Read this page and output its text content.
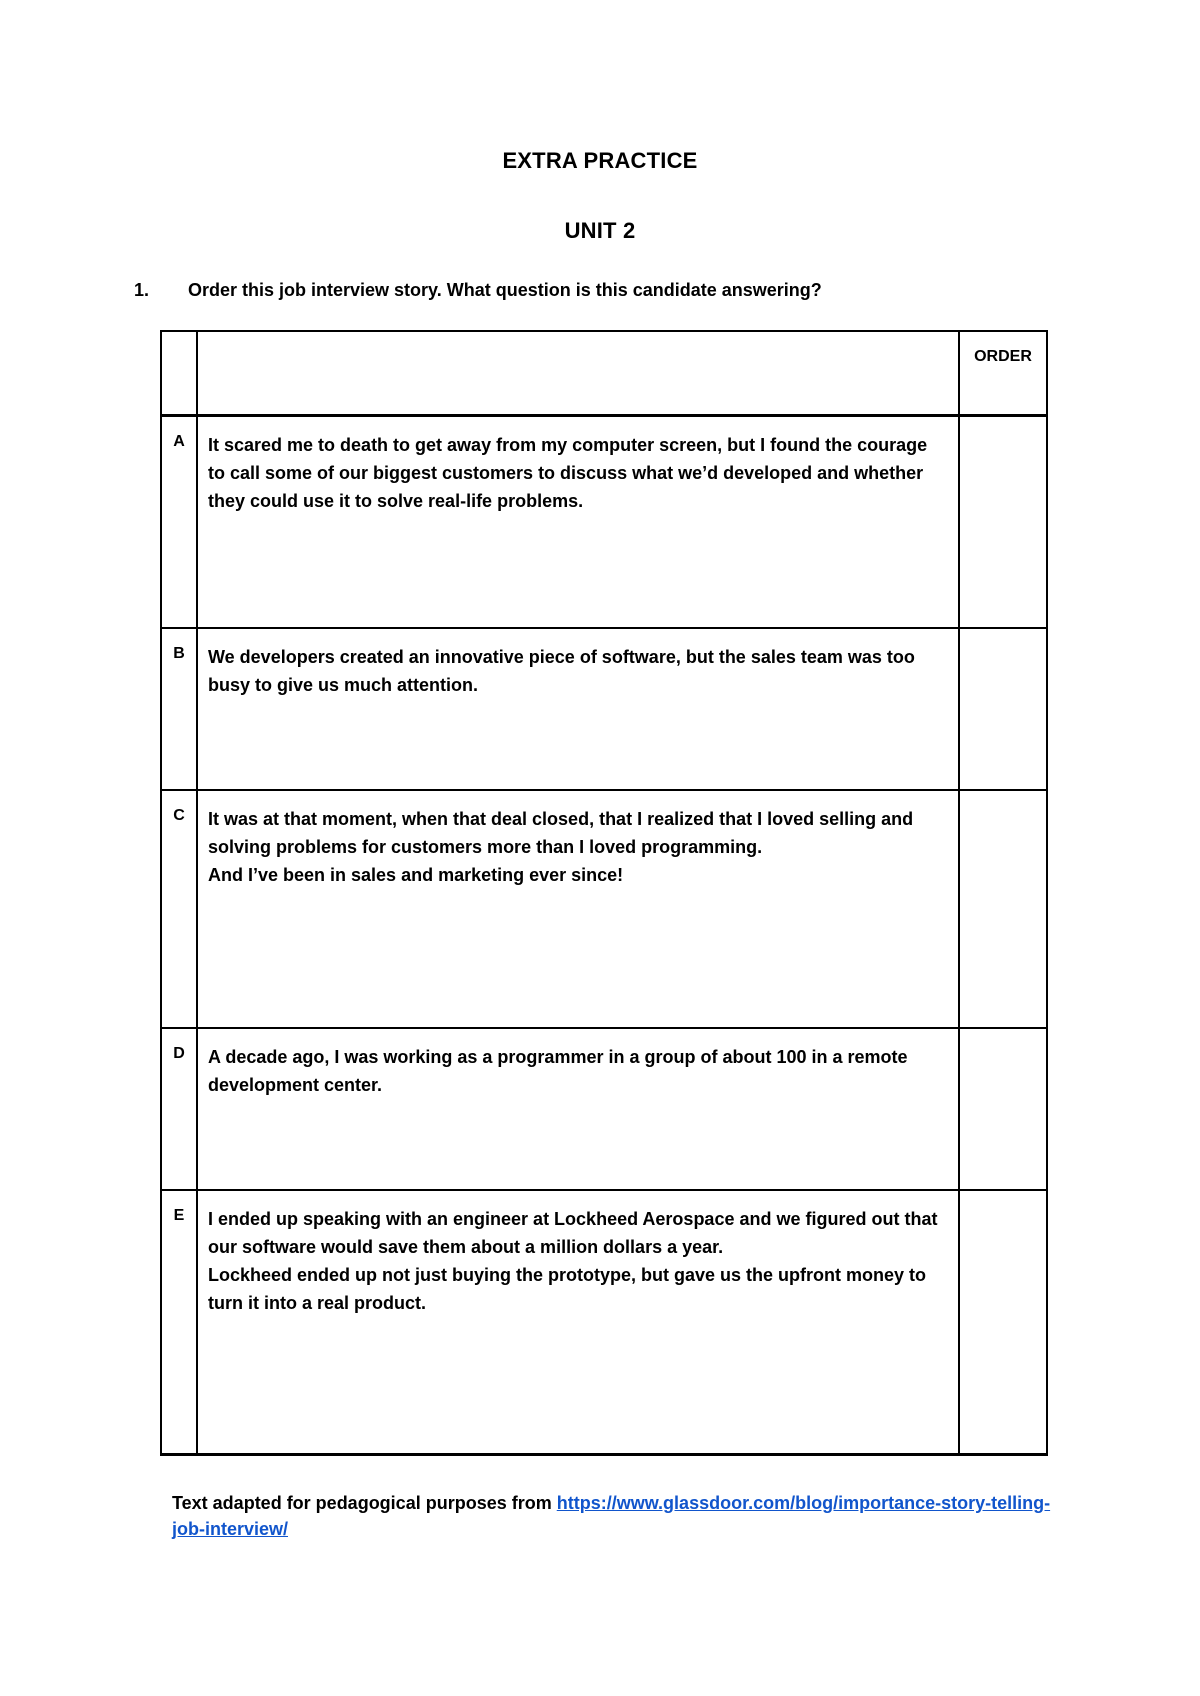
EXTRA PRACTICE
UNIT 2
1. Order this job interview story. What question is this candidate answering?
		ORDER
A	It scared me to death to get away from my computer screen, but I found the courage to call some of our biggest customers to discuss what we’d developed and whether they could use it to solve real-life problems.	

B	We developers created an innovative piece of software, but the sales team was too busy to give us much attention.	

C	It was at that moment, when that deal closed, that I realized that I loved selling and solving problems for customers more than I loved programming.
And I’ve been in sales and marketing ever since!	

D	A decade ago, I was working as a programmer in a group of about 100 in a remote development center.	

E	I ended up speaking with an engineer at Lockheed Aerospace and we figured out that our software would save them about a million dollars a year.
Lockheed ended up not just buying the prototype, but gave us the upfront money to turn it into a real product.	

Text adapted for pedagogical purposes from https://www.glassdoor.com/blog/importance-story-telling-job-interview/
